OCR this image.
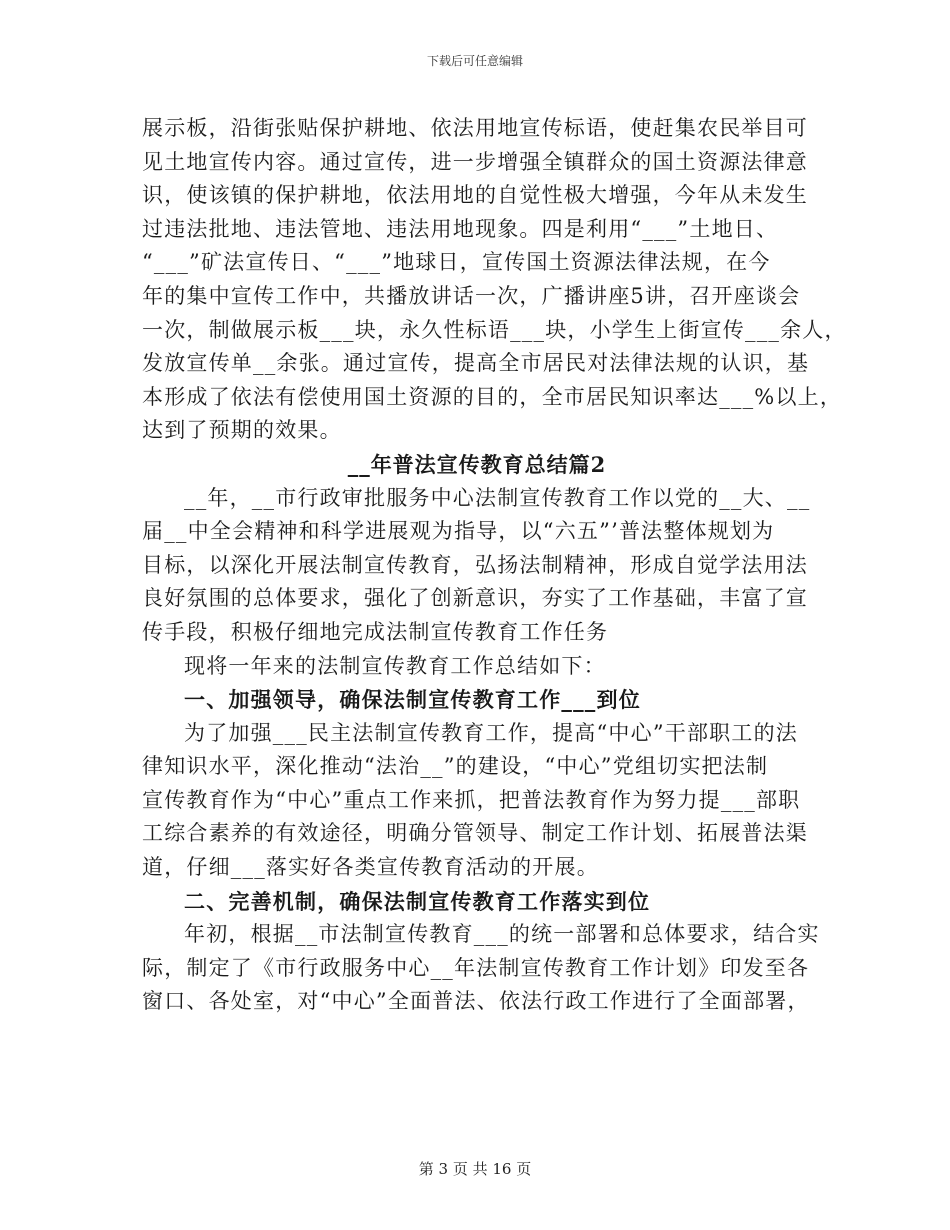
下载后可任意编辑
展示板，沿街张贴保护耕地、依法用地宣传标语，使赶集农民举目可
见土地宣传内容。通过宣传，进一步增强全镇群众的国土资源法律意
识，使该镇的保护耕地，依法用地的自觉性极大增强，今年从未发生
过违法批地、违法管地、违法用地现象。四是利用“___”土地日、
“___”矿法宣传日、“___”地球日，宣传国土资源法律法规，在今
年的集中宣传工作中，共播放讲话一次，广播讲座5讲，召开座谈会
一次，制做展示板___块，永久性标语___块，小学生上街宣传___余人，
发放宣传单__余张。通过宣传，提高全市居民对法律法规的认识，基
本形成了依法有偿使用国土资源的目的，全市居民知识率达___%以上，
达到了预期的效果。
__年普法宣传教育总结篇2
__年，__市行政审批服务中心法制宣传教育工作以党的__大、__
届__中全会精神和科学进展观为指导，以“六五”’普法整体规划为
目标，以深化开展法制宣传教育，弘扬法制精神，形成自觉学法用法
良好氛围的总体要求，强化了创新意识，夯实了工作基础，丰富了宣
传手段，积极仔细地完成法制宣传教育工作任务
现将一年来的法制宣传教育工作总结如下：
一、加强领导，确保法制宣传教育工作___到位
为了加强___民主法制宣传教育工作，提高“中心”干部职工的法
律知识水平，深化推动“法治__”的建设，“中心”党组切实把法制
宣传教育作为“中心”重点工作来抓，把普法教育作为努力提___部职
工综合素养的有效途径，明确分管领导、制定工作计划、拓展普法渠
道，仔细___落实好各类宣传教育活动的开展。
二、完善机制，确保法制宣传教育工作落实到位
年初，根据__市法制宣传教育___的统一部署和总体要求，结合实
际，制定了《市行政服务中心__年法制宣传教育工作计划》印发至各
窗口、各处室，对“中心”全面普法、依法行政工作进行了全面部署，
第 3 页 共 16 页
